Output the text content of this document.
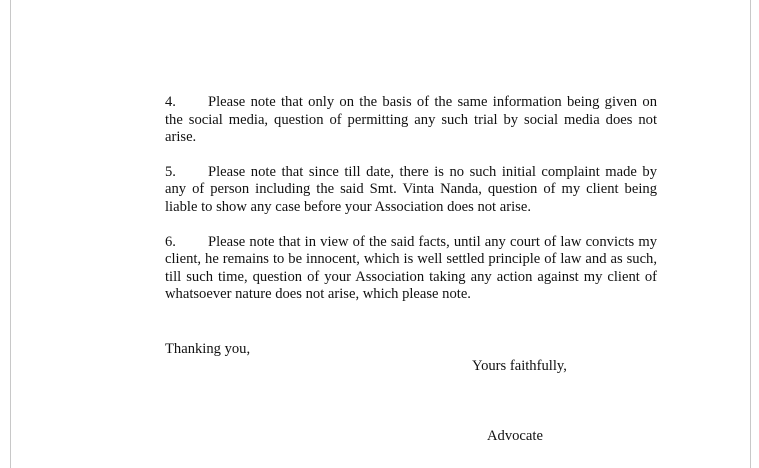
4. Please note that only on the basis of the same information being given on the social media, question of permitting any such trial by social media does not arise.

5. Please note that since till date, there is no such initial complaint made by any of person including the said Smt. Vinta Nanda, question of my client being liable to show any case before your Association does not arise.

6. Please note that in view of the said facts, until any court of law convicts my client, he remains to be innocent, which is well settled principle of law and as such, till such time, question of your Association taking any action against my client of whatsoever nature does not arise, which please note.

Thanking you,

Yours faithfully,

Advocate
